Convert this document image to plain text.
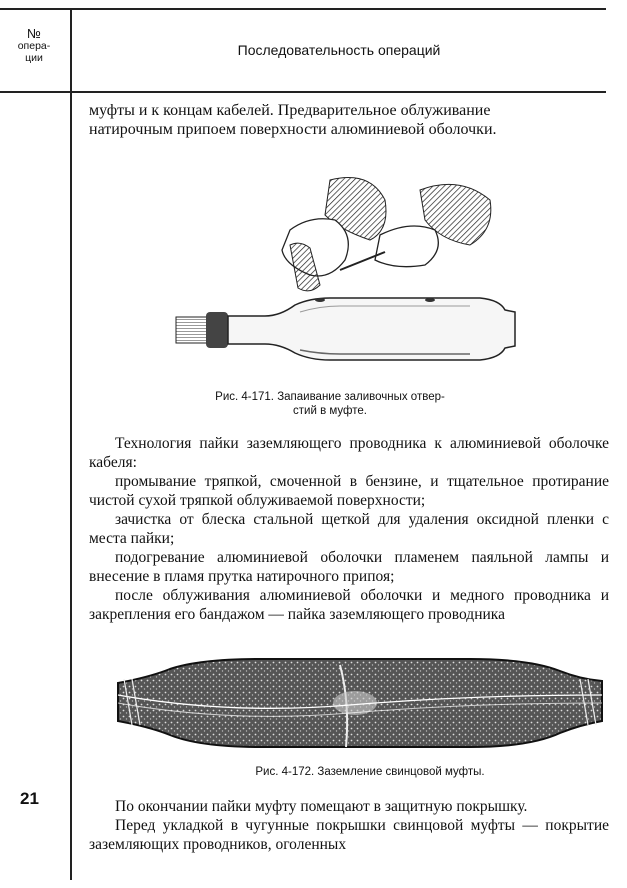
№
опера-
ции	Последовательность операций

муфты и к концам кабелей. Предварительное облуживание

натирочным припоем поверхности алюминиевой оболочки.

Рис. 4-171. Запаивание заливочных отвер-
стий в муфте.

Технология пайки заземляющего проводника к алюминиевой оболочке кабеля:

промывание тряпкой, смоченной в бензине, и тщательное протирание чистой сухой тряпкой облуживаемой поверхности;

зачистка от блеска стальной щеткой для удаления оксидной пленки с места пайки;

подогревание алюминиевой оболочки пламенем паяльной лампы и внесение в пламя прутка натирочного припоя;

после облуживания алюминиевой оболочки и медного проводника и закрепления его бандажом — пайка заземляющего проводника

Рис. 4-172. Заземление свинцовой муфты.
21	По окончании пайки муфту помещают в защитную покрышку.

Перед укладкой в чугунные покрышки свинцовой муфты — покрытие заземляющих проводников, оголенных
